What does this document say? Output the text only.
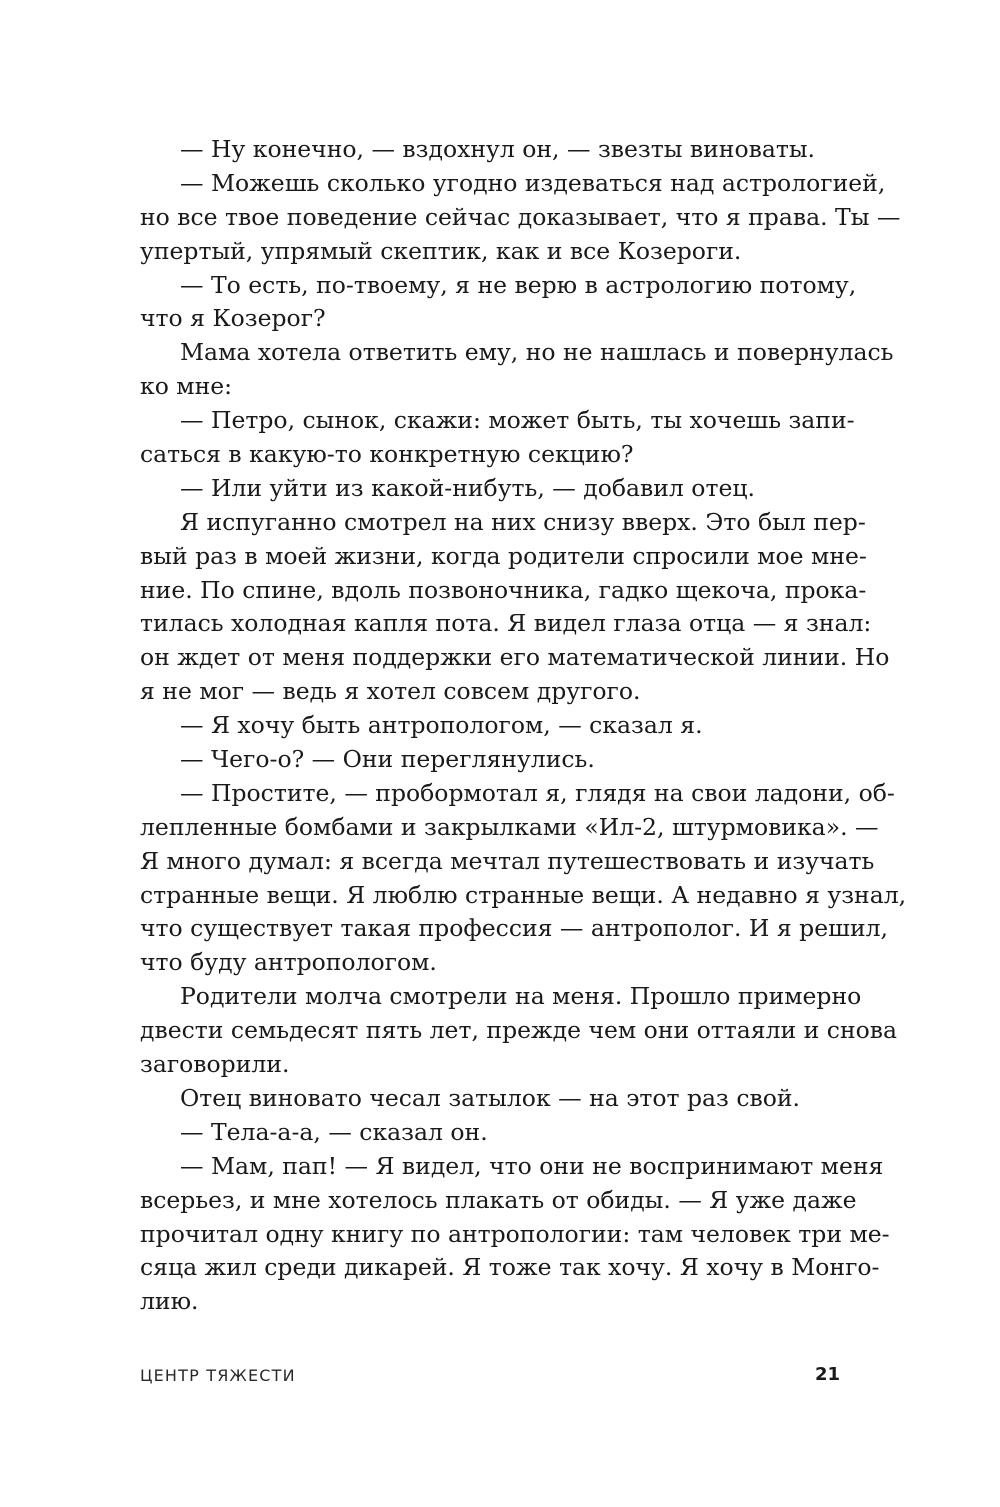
— Ну конечно, — вздохнул он, — звезты виноваты.
— Можешь сколько угодно издеваться над астрологией,
но все твое поведение сейчас доказывает, что я права. Ты —
упертый, упрямый скептик, как и все Козероги.
— То есть, по-твоему, я не верю в астрологию потому,
что я Козерог?
Мама хотела ответить ему, но не нашлась и повернулась
ко мне:
— Петро, сынок, скажи: может быть, ты хочешь запи-
саться в какую-то конкретную секцию?
— Или уйти из какой-нибуть, — добавил отец.
Я испуганно смотрел на них снизу вверх. Это был пер-
вый раз в моей жизни, когда родители спросили мое мне-
ние. По спине, вдоль позвоночника, гадко щекоча, прока-
тилась холодная капля пота. Я видел глаза отца — я знал:
он ждет от меня поддержки его математической линии. Но
я не мог — ведь я хотел совсем другого.
— Я хочу быть антропологом, — сказал я.
— Чего-о? — Они переглянулись.
— Простите, — пробормотал я, глядя на свои ладони, об-
лепленные бомбами и закрылками «Ил-2, штурмовика». —
Я много думал: я всегда мечтал путешествовать и изучать
странные вещи. Я люблю странные вещи. А недавно я узнал,
что существует такая профессия — антрополог. И я решил,
что буду антропологом.
Родители молча смотрели на меня. Прошло примерно
двести семьдесят пять лет, прежде чем они оттаяли и снова
заговорили.
Отец виновато чесал затылок — на этот раз свой.
— Тела-а-а, — сказал он.
— Мам, пап! — Я видел, что они не воспринимают меня
всерьез, и мне хотелось плакать от обиды. — Я уже даже
прочитал одну книгу по антропологии: там человек три ме-
сяца жил среди дикарей. Я тоже так хочу. Я хочу в Монго-
лию.
ЦЕНТР ТЯЖЕСТИ	21
